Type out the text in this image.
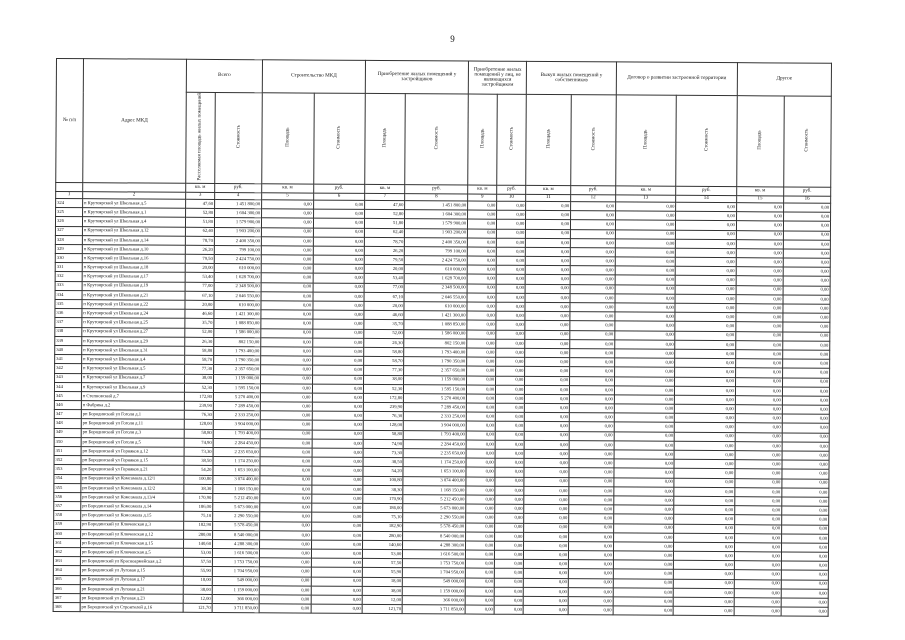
9
№ п/п	Адрес МКД	Всего		Строительство МКД		Приобретение жилых помещений у застройщиков		Приобретение жилых помещений у лиц, не являющихся застройщиком		Выкуп жилых помещений у собственников		Договор о развитии застроенной территории		Другое	
		Расселяемая площадь жилых помещений	Стоимость	Площадь	Стоимость	Площадь	Стоимость	Площадь	Стоимость	Площадь	Стоимость	Площадь	Стоимость	Площадь	Стоимость
		кв. м	руб.	кв. м	руб.	кв. м	руб.	кв. м	руб.	кв. м	руб.	кв. м	руб.	кв. м	руб.
1	2	3	4	5	6	7	8	9	10	11	12	13	14	15	16
324	п Крутоярский ул Школьная д.5	47,60	1 451 800,00	0,00	0,00	47,60	1 451 800,00	0,00	0,00	0,00	0,00	0,00	0,00	0,00	0,00
325	п Крутоярский ул Школьная д.1	52,80	1 604 300,00	0,00	0,00	52,80	1 604 300,00	0,00	0,00	0,00	0,00	0,00	0,00	0,00	0,00
326	п Крутоярский ул Школьная д.4	51,80	1 579 900,00	0,00	0,00	51,80	1 579 900,00	0,00	0,00	0,00	0,00	0,00	0,00	0,00	0,00
327	п Крутоярский ул Школьная д.12	62,40	1 903 200,00	0,00	0,00	62,40	1 903 200,00	0,00	0,00	0,00	0,00	0,00	0,00	0,00	0,00
328	п Крутоярский ул Школьная д.14	78,70	2 400 350,00	0,00	0,00	78,70	2 400 350,00	0,00	0,00	0,00	0,00	0,00	0,00	0,00	0,00
329	п Крутоярский ул Школьная д.10	26,20	799 100,00	0,00	0,00	26,20	799 100,00	0,00	0,00	0,00	0,00	0,00	0,00	0,00	0,00
330	п Крутоярский ул Школьная д.16	79,50	2 424 750,00	0,00	0,00	79,50	2 424 750,00	0,00	0,00	0,00	0,00	0,00	0,00	0,00	0,00
331	п Крутоярский ул Школьная д.18	20,00	610 000,00	0,00	0,00	20,00	610 000,00	0,00	0,00	0,00	0,00	0,00	0,00	0,00	0,00
332	п Крутоярский ул Школьная д.17	53,40	1 628 700,00	0,00	0,00	53,40	1 628 700,00	0,00	0,00	0,00	0,00	0,00	0,00	0,00	0,00
333	п Крутоярский ул Школьная д.19	77,00	2 348 500,00	0,00	0,00	77,00	2 348 500,00	0,00	0,00	0,00	0,00	0,00	0,00	0,00	0,00
334	п Крутоярский ул Школьная д.21	67,10	2 046 550,00	0,00	0,00	67,10	2 046 550,00	0,00	0,00	0,00	0,00	0,00	0,00	0,00	0,00
335	п Крутоярский ул Школьная д.22	20,00	610 000,00	0,00	0,00	20,00	610 000,00	0,00	0,00	0,00	0,00	0,00	0,00	0,00	0,00
336	п Крутоярский ул Школьная д.24	46,60	1 421 300,00	0,00	0,00	46,60	1 421 300,00	0,00	0,00	0,00	0,00	0,00	0,00	0,00	0,00
337	п Крутоярский ул Школьная д.25	35,70	1 088 850,00	0,00	0,00	35,70	1 088 850,00	0,00	0,00	0,00	0,00	0,00	0,00	0,00	0,00
338	п Крутоярский ул Школьная д.27	52,00	1 586 000,00	0,00	0,00	52,00	1 586 000,00	0,00	0,00	0,00	0,00	0,00	0,00	0,00	0,00
339	п Крутоярский ул Школьная д.29	26,30	802 150,00	0,00	0,00	26,30	802 150,00	0,00	0,00	0,00	0,00	0,00	0,00	0,00	0,00
340	п Крутоярский ул Школьная д.31	58,80	1 793 400,00	0,00	0,00	58,80	1 793 400,00	0,00	0,00	0,00	0,00	0,00	0,00	0,00	0,00
341	п Крутоярский ул Школьная д.4	58,70	1 790 350,00	0,00	0,00	58,70	1 790 350,00	0,00	0,00	0,00	0,00	0,00	0,00	0,00	0,00
342	п Крутоярский ул Школьная д.5	77,30	2 357 650,00	0,00	0,00	77,30	2 357 650,00	0,00	0,00	0,00	0,00	0,00	0,00	0,00	0,00
343	п Крутоярский ул Школьная д.7	38,00	1 159 000,00	0,00	0,00	38,00	1 159 000,00	0,00	0,00	0,00	0,00	0,00	0,00	0,00	0,00
344	п Крутоярский ул Школьная д.9	52,30	1 595 150,00	0,00	0,00	52,30	1 595 150,00	0,00	0,00	0,00	0,00	0,00	0,00	0,00	0,00
345	п Степновский д.7	172,80	5 270 400,00	0,00	0,00	172,80	5 270 400,00	0,00	0,00	0,00	0,00	0,00	0,00	0,00	0,00
346	п Фабрика д.2	239,90	7 289 450,00	0,00	0,00	239,90	7 289 450,00	0,00	0,00	0,00	0,00	0,00	0,00	0,00	0,00
347	рп Бородинский ул Гоголя д.1	76,30	2 333 250,00	0,00	0,00	76,30	2 333 250,00	0,00	0,00	0,00	0,00	0,00	0,00	0,00	0,00
348	рп Бородинский ул Гоголя д.11	128,00	3 904 000,00	0,00	0,00	128,00	3 904 000,00	0,00	0,00	0,00	0,00	0,00	0,00	0,00	0,00
349	рп Бородинский ул Гоголя д.3	58,80	1 793 400,00	0,00	0,00	58,80	1 793 400,00	0,00	0,00	0,00	0,00	0,00	0,00	0,00	0,00
350	рп Бородинский ул Гоголя д.5	74,90	2 284 450,00	0,00	0,00	74,90	2 284 450,00	0,00	0,00	0,00	0,00	0,00	0,00	0,00	0,00
351	рп Бородинский ул Горняков д.12	73,30	2 235 650,00	0,00	0,00	73,30	2 235 650,00	0,00	0,00	0,00	0,00	0,00	0,00	0,00	0,00
352	рп Бородинский ул Горняков д.15	38,50	1 174 250,00	0,00	0,00	38,50	1 174 250,00	0,00	0,00	0,00	0,00	0,00	0,00	0,00	0,00
353	рп Бородинский ул Горняков д.21	54,20	1 653 100,00	0,00	0,00	54,20	1 653 100,00	0,00	0,00	0,00	0,00	0,00	0,00	0,00	0,00
354	рп Бородинский ул Комсомола д.12/1	100,80	3 074 400,00	0,00	0,00	100,80	3 074 400,00	0,00	0,00	0,00	0,00	0,00	0,00	0,00	0,00
355	рп Бородинский ул Комсомола д.12/2	38,30	1 168 150,00	0,00	0,00	38,30	1 168 150,00	0,00	0,00	0,00	0,00	0,00	0,00	0,00	0,00
356	рп Бородинский ул Комсомола д.13/4	170,90	5 212 450,00	0,00	0,00	170,90	5 212 450,00	0,00	0,00	0,00	0,00	0,00	0,00	0,00	0,00
357	рп Бородинский ул Комсомола д.14	186,00	5 673 000,00	0,00	0,00	186,00	5 673 000,00	0,00	0,00	0,00	0,00	0,00	0,00	0,00	0,00
358	рп Бородинский ул Комсомола д.15	75,10	2 290 550,00	0,00	0,00	75,10	2 290 550,00	0,00	0,00	0,00	0,00	0,00	0,00	0,00	0,00
359	рп Бородинский ул Ключевская д.3	182,90	5 578 450,00	0,00	0,00	182,90	5 578 450,00	0,00	0,00	0,00	0,00	0,00	0,00	0,00	0,00
360	рп Бородинский ул Ключевская д.12	280,00	8 540 000,00	0,00	0,00	280,00	8 540 000,00	0,00	0,00	0,00	0,00	0,00	0,00	0,00	0,00
361	рп Бородинский ул Ключевская д.15	140,60	4 288 300,00	0,00	0,00	140,60	4 288 300,00	0,00	0,00	0,00	0,00	0,00	0,00	0,00	0,00
362	рп Бородинский ул Ключевская д.5	53,00	1 616 500,00	0,00	0,00	53,00	1 616 500,00	0,00	0,00	0,00	0,00	0,00	0,00	0,00	0,00
363	рп Бородинский ул Красноармейская д.2	57,50	1 753 750,00	0,00	0,00	57,50	1 753 750,00	0,00	0,00	0,00	0,00	0,00	0,00	0,00	0,00
364	рп Бородинский ул Луговая д.15	55,90	1 704 950,00	0,00	0,00	55,90	1 704 950,00	0,00	0,00	0,00	0,00	0,00	0,00	0,00	0,00
365	рп Бородинский ул Луговая д.17	18,00	549 000,00	0,00	0,00	18,00	549 000,00	0,00	0,00	0,00	0,00	0,00	0,00	0,00	0,00
366	рп Бородинский ул Луговая д.21	38,00	1 159 000,00	0,00	0,00	38,00	1 159 000,00	0,00	0,00	0,00	0,00	0,00	0,00	0,00	0,00
367	рп Бородинский ул Луговая д.23	12,00	366 000,00	0,00	0,00	12,00	366 000,00	0,00	0,00	0,00	0,00	0,00	0,00	0,00	0,00
368	рп Бородинский ул Строителей д.16	121,70	3 711 850,00	0,00	0,00	121,70	3 711 850,00	0,00	0,00	0,00	0,00	0,00	0,00	0,00	0,00
